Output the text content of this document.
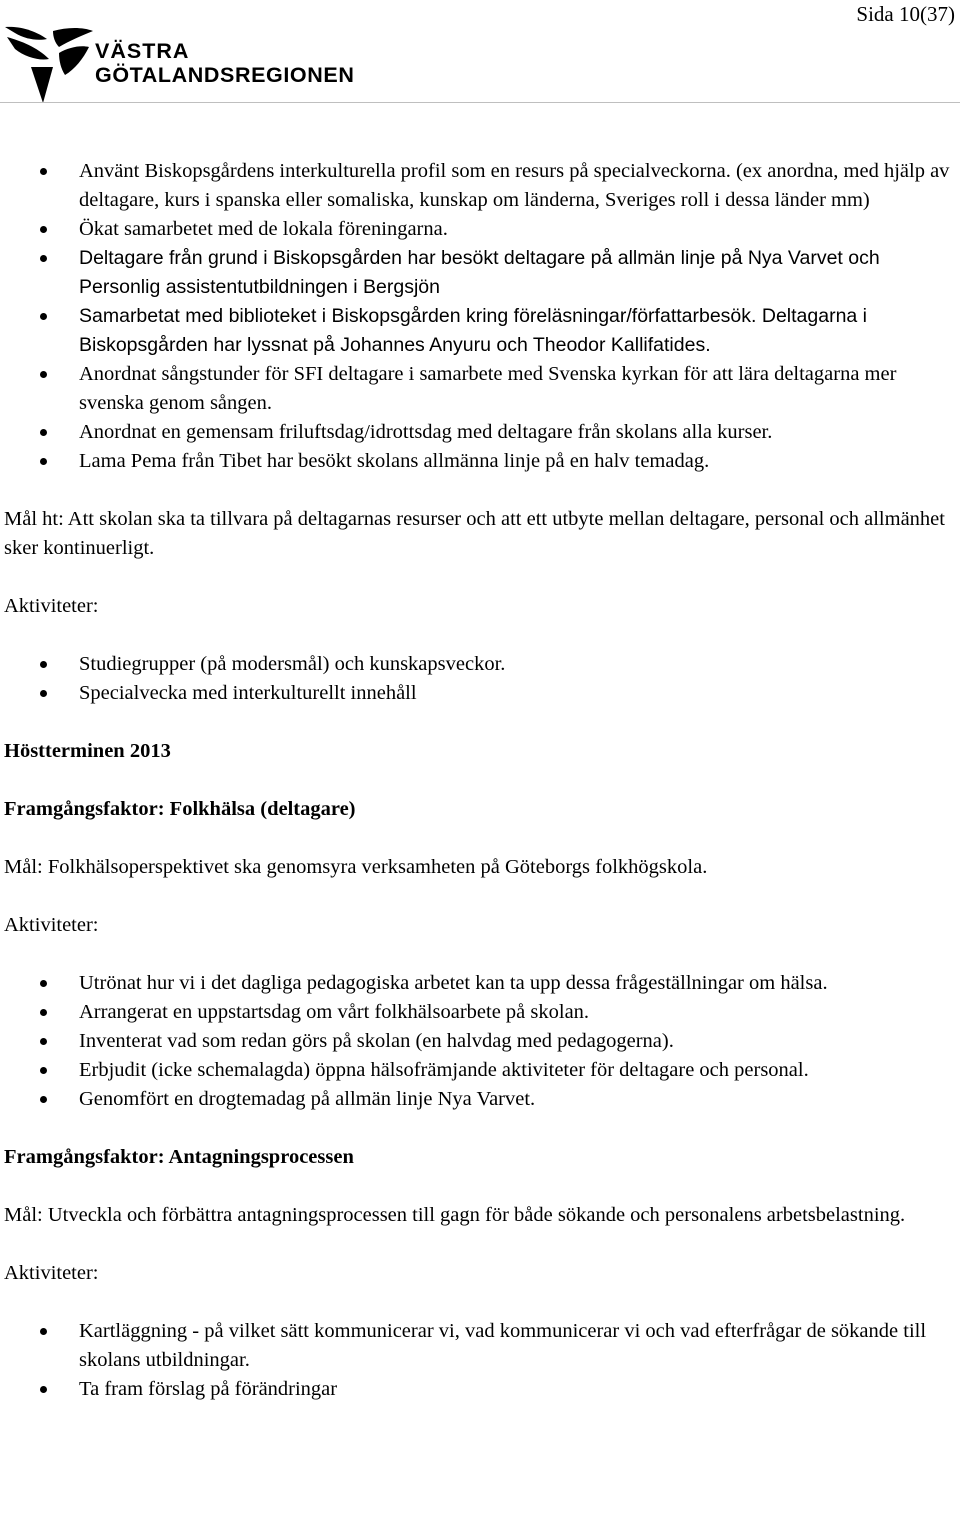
Sida 10(37)
VÄSTRA
GÖTALANDSREGIONEN
Använt Biskopsgårdens interkulturella profil som en resurs på specialveckorna. (ex anordna, med hjälp av deltagare, kurs i spanska eller somaliska, kunskap om länderna, Sveriges roll i dessa länder mm)
Ökat samarbetet med de lokala föreningarna.
Deltagare från grund i Biskopsgården har besökt deltagare på allmän linje på Nya Varvet och Personlig assistentutbildningen i Bergsjön
Samarbetat med biblioteket i Biskopsgården kring föreläsningar/författarbesök. Deltagarna i Biskopsgården har lyssnat på Johannes Anyuru och Theodor Kallifatides.
Anordnat sångstunder för SFI deltagare i samarbete med Svenska kyrkan för att lära deltagarna mer svenska genom sången.
Anordnat en gemensam friluftsdag/idrottsdag med deltagare från skolans alla kurser.
Lama Pema från Tibet har besökt skolans allmänna linje på en halv temadag.

Mål ht: Att skolan ska ta tillvara på deltagarnas resurser och att ett utbyte mellan deltagare, personal och allmänhet sker kontinuerligt.

Aktiviteter:

Studiegrupper (på modersmål) och kunskapsveckor.
Specialvecka med interkulturellt innehåll

Höstterminen 2013

Framgångsfaktor: Folkhälsa (deltagare)

Mål: Folkhälsoperspektivet ska genomsyra verksamheten på Göteborgs folkhögskola.

Aktiviteter:

Utrönat hur vi i det dagliga pedagogiska arbetet kan ta upp dessa frågeställningar om hälsa.
Arrangerat en uppstartsdag om vårt folkhälsoarbete på skolan.
Inventerat vad som redan görs på skolan (en halvdag med pedagogerna).
Erbjudit (icke schemalagda) öppna hälsofrämjande aktiviteter för deltagare och personal.
Genomfört en drogtemadag på allmän linje Nya Varvet.

Framgångsfaktor: Antagningsprocessen

Mål: Utveckla och förbättra antagningsprocessen till gagn för både sökande och personalens arbetsbelastning.

Aktiviteter:

Kartläggning - på vilket sätt kommunicerar vi, vad kommunicerar vi och vad efterfrågar de sökande till skolans utbildningar.
Ta fram förslag på förändringar
